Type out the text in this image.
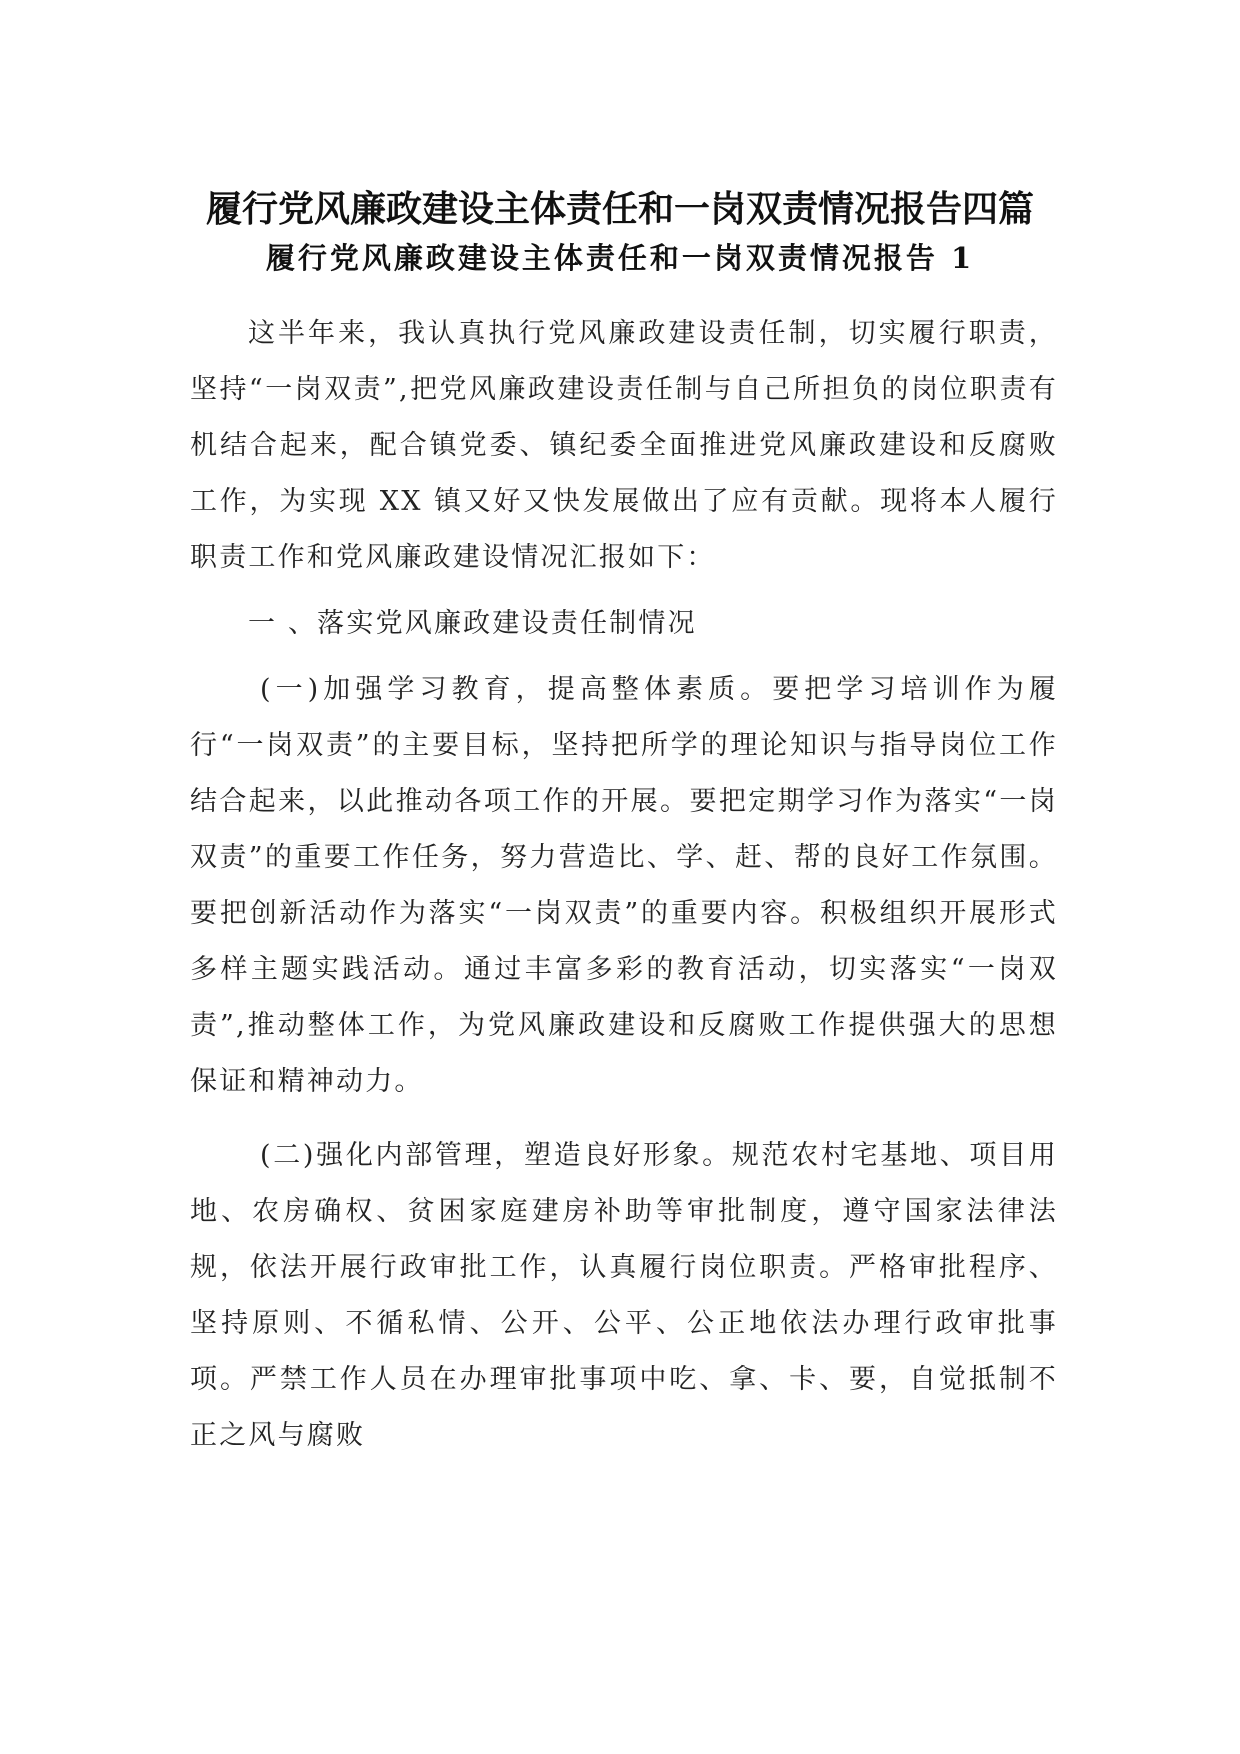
履行党风廉政建设主体责任和一岗双责情况报告四篇
履行党风廉政建设主体责任和一岗双责情况报告 1

这半年来，我认真执行党风廉政建设责任制，切实履行职责，坚持“一岗双责”,把党风廉政建设责任制与自己所担负的岗位职责有机结合起来，配合镇党委、镇纪委全面推进党风廉政建设和反腐败工作，为实现 XX 镇又好又快发展做出了应有贡献。现将本人履行职责工作和党风廉政建设情况汇报如下：

一 、落实党风廉政建设责任制情况

(一)加强学习教育，提高整体素质。要把学习培训作为履行“一岗双责”的主要目标，坚持把所学的理论知识与指导岗位工作结合起来，以此推动各项工作的开展。要把定期学习作为落实“一岗双责”的重要工作任务，努力营造比、学、赶、帮的良好工作氛围。要把创新活动作为落实“一岗双责”的重要内容。积极组织开展形式多样主题实践活动。通过丰富多彩的教育活动，切实落实“一岗双责”,推动整体工作，为党风廉政建设和反腐败工作提供强大的思想保证和精神动力。

(二)强化内部管理，塑造良好形象。规范农村宅基地、项目用地、农房确权、贫困家庭建房补助等审批制度，遵守国家法律法规，依法开展行政审批工作，认真履行岗位职责。严格审批程序、坚持原则、不循私情、公开、公平、公正地依法办理行政审批事项。严禁工作人员在办理审批事项中吃、拿、卡、要，自觉抵制不正之风与腐败
